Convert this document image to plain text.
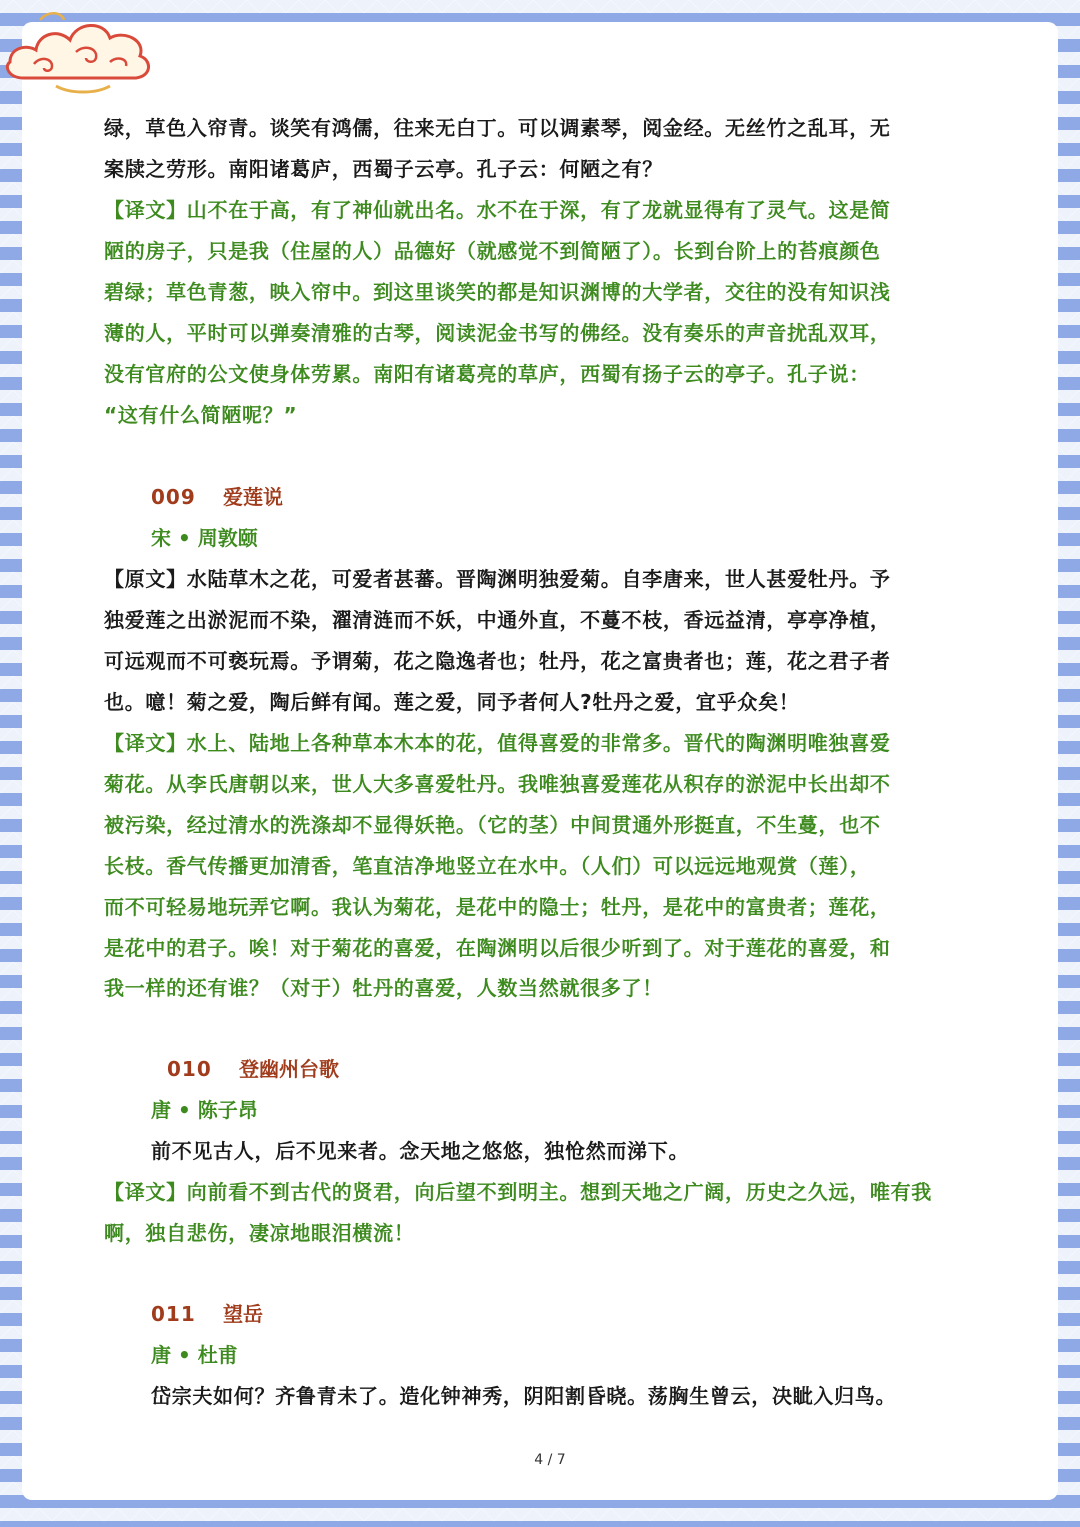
绿，草色入帘青。谈笑有鸿儒，往来无白丁。可以调素琴，阅金经。无丝竹之乱耳，无
案牍之劳形。南阳诸葛庐，西蜀子云亭。孔子云：何陋之有？
【译文】山不在于高，有了神仙就出名。水不在于深，有了龙就显得有了灵气。这是简
陋的房子，只是我（住屋的人）品德好（就感觉不到简陋了）。长到台阶上的苔痕颜色
碧绿；草色青葱，映入帘中。到这里谈笑的都是知识渊博的大学者，交往的没有知识浅
薄的人，平时可以弹奏清雅的古琴，阅读泥金书写的佛经。没有奏乐的声音扰乱双耳，
没有官府的公文使身体劳累。南阳有诸葛亮的草庐，西蜀有扬子云的亭子。孔子说：
“这有什么简陋呢？”
009 爱莲说
宋 • 周敦颐
【原文】水陆草木之花，可爱者甚蕃。晋陶渊明独爱菊。自李唐来，世人甚爱牡丹。予
独爱莲之出淤泥而不染，濯清涟而不妖，中通外直，不蔓不枝，香远益清，亭亭净植，
可远观而不可亵玩焉。予谓菊，花之隐逸者也；牡丹，花之富贵者也；莲，花之君子者
也。噫！菊之爱，陶后鲜有闻。莲之爱，同予者何人?牡丹之爱，宜乎众矣！
【译文】水上、陆地上各种草本木本的花，值得喜爱的非常多。晋代的陶渊明唯独喜爱
菊花。从李氏唐朝以来，世人大多喜爱牡丹。我唯独喜爱莲花从积存的淤泥中长出却不
被污染，经过清水的洗涤却不显得妖艳。（它的茎）中间贯通外形挺直，不生蔓，也不
长枝。香气传播更加清香，笔直洁净地竖立在水中。（人们）可以远远地观赏（莲），
而不可轻易地玩弄它啊。我认为菊花，是花中的隐士；牡丹，是花中的富贵者；莲花，
是花中的君子。唉！对于菊花的喜爱，在陶渊明以后很少听到了。对于莲花的喜爱，和
我一样的还有谁？（对于）牡丹的喜爱，人数当然就很多了！
010 登幽州台歌
唐 • 陈子昂
前不见古人，后不见来者。念天地之悠悠，独怆然而涕下。
【译文】向前看不到古代的贤君，向后望不到明主。想到天地之广阔，历史之久远，唯有我
啊，独自悲伤，凄凉地眼泪横流！
011 望岳
唐 • 杜甫
岱宗夫如何？齐鲁青未了。造化钟神秀，阴阳割昏晓。荡胸生曾云，决眦入归鸟。
4 / 7
